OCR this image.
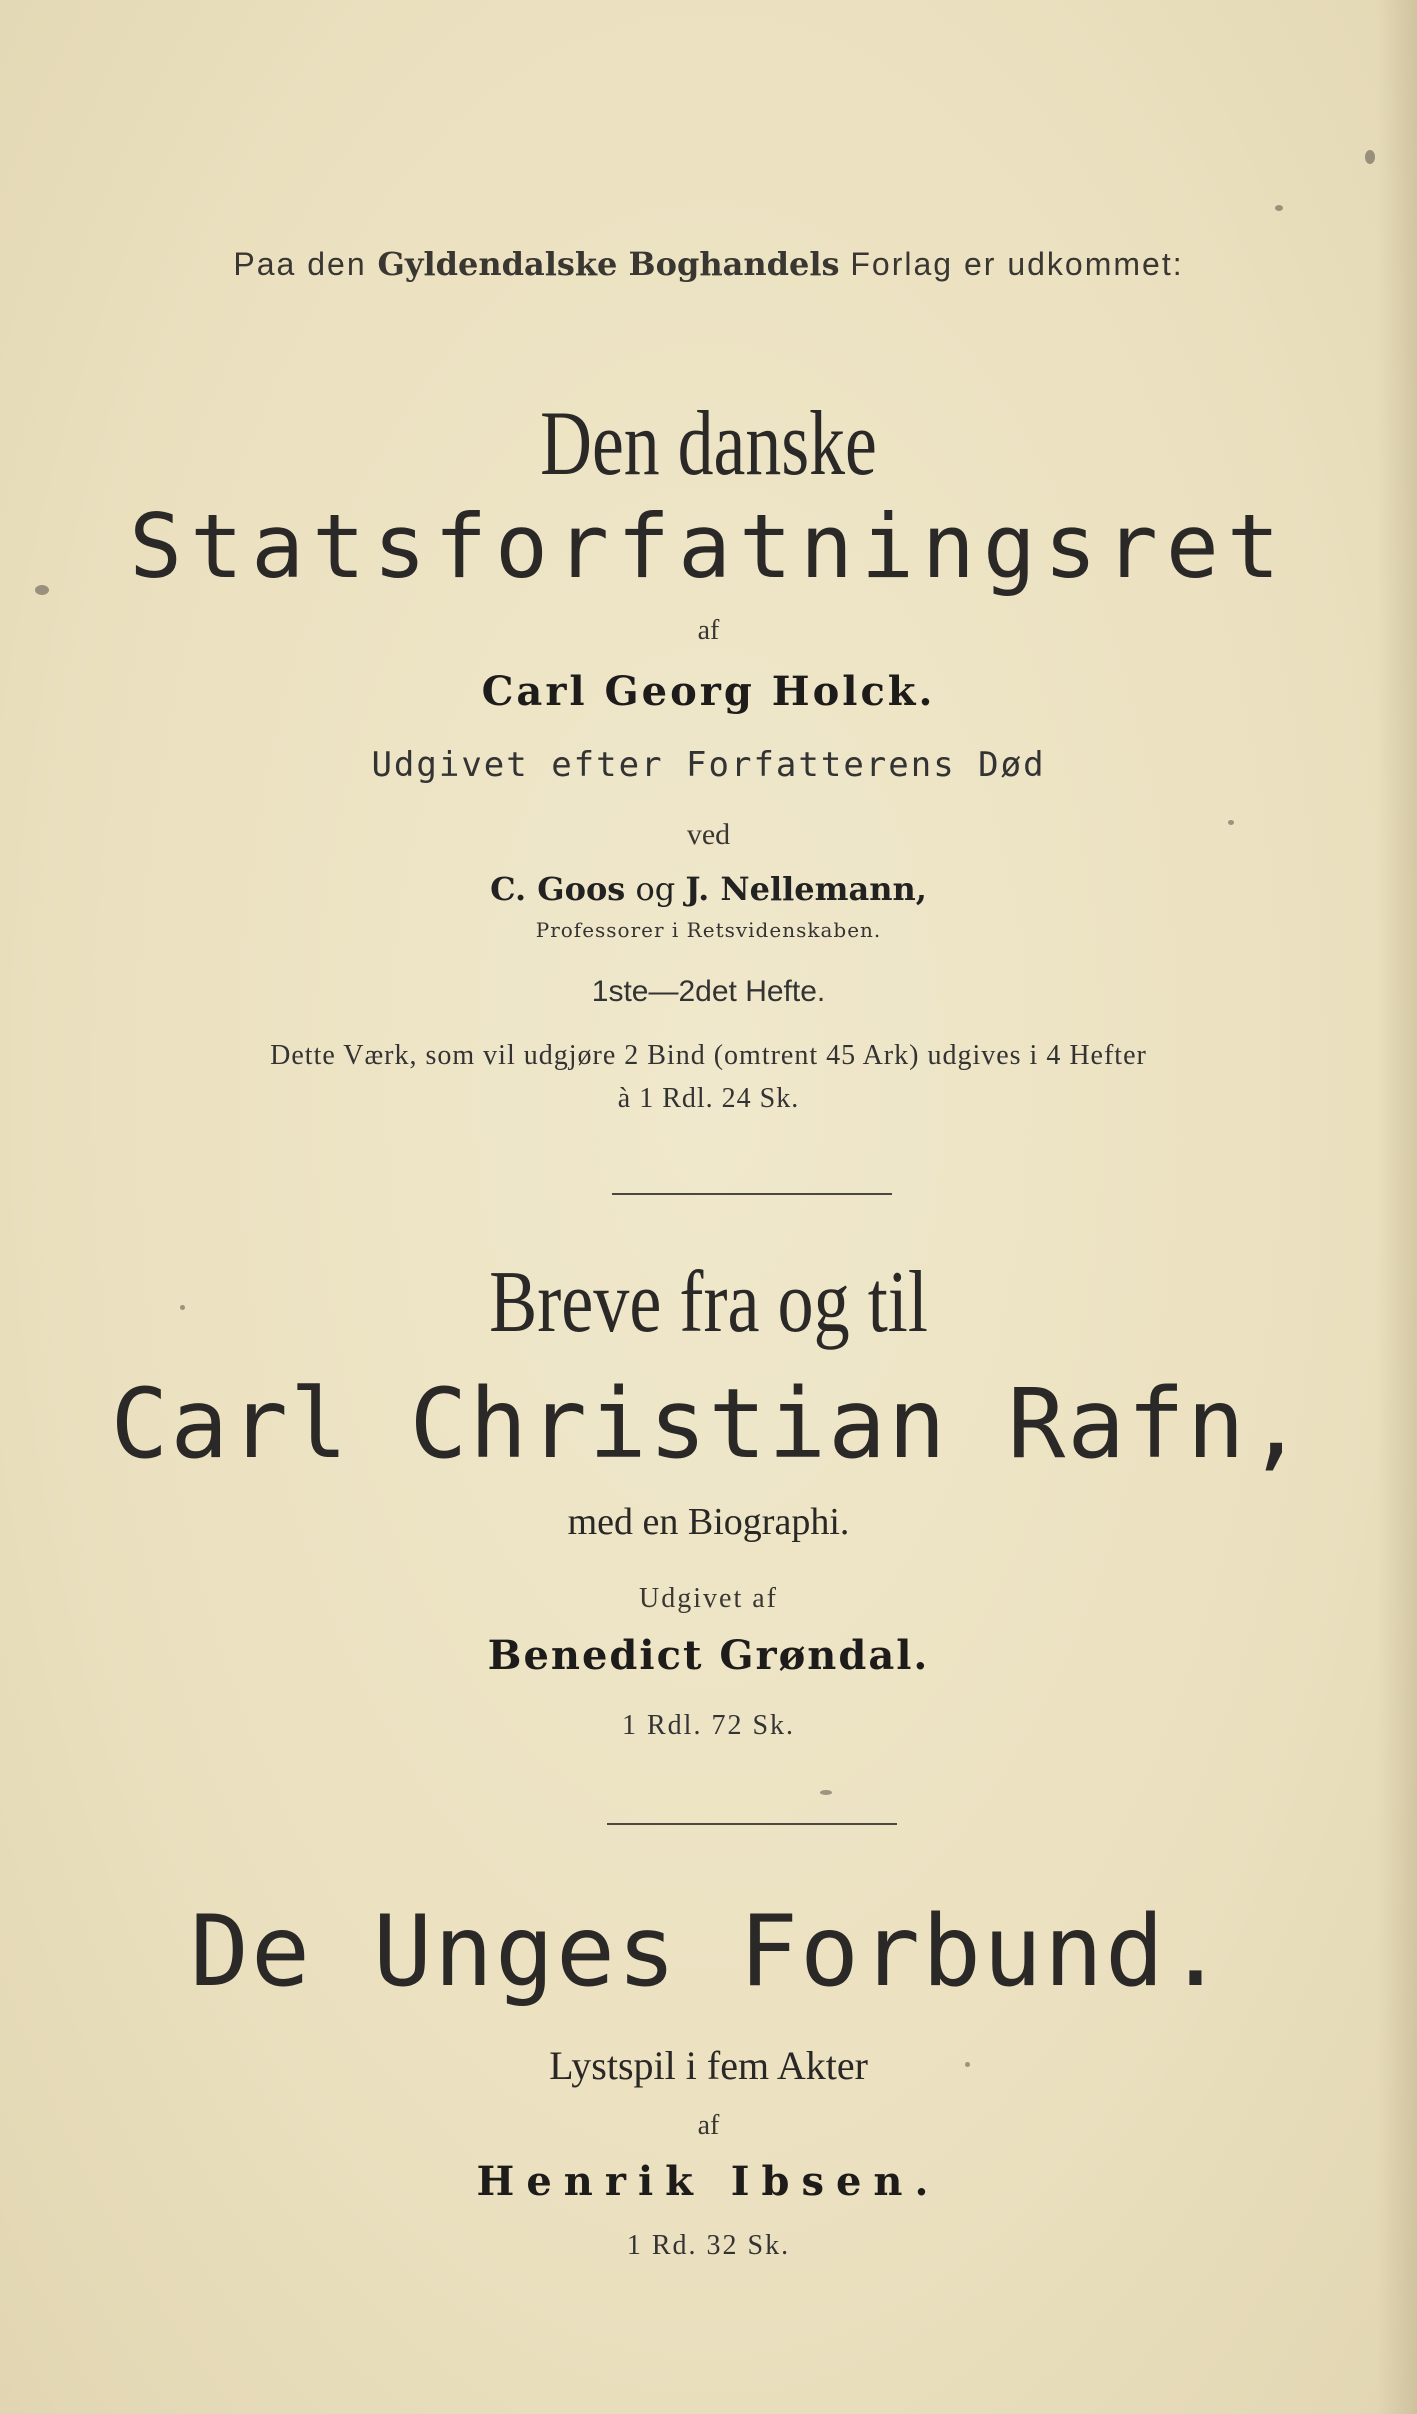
Paa den Gyldendalske Boghandels Forlag er udkommet:
Den danske
Statsforfatningsret
af
Carl Georg Holck.
Udgivet efter Forfatterens Død
ved
C. Goos og J. Nellemann,
Professorer i Retsvidenskaben.
1ste—2det Hefte.
Dette Værk, som vil udgjøre 2 Bind (omtrent 45 Ark) udgives i 4 Hefter
à 1 Rdl. 24 Sk.
Breve fra og til
Carl Christian Rafn,
med en Biographi.
Udgivet af
Benedict Grøndal.
1 Rdl. 72 Sk.
De Unges Forbund.
Lystspil i fem Akter
af
Henrik Ibsen.
1 Rd. 32 Sk.
